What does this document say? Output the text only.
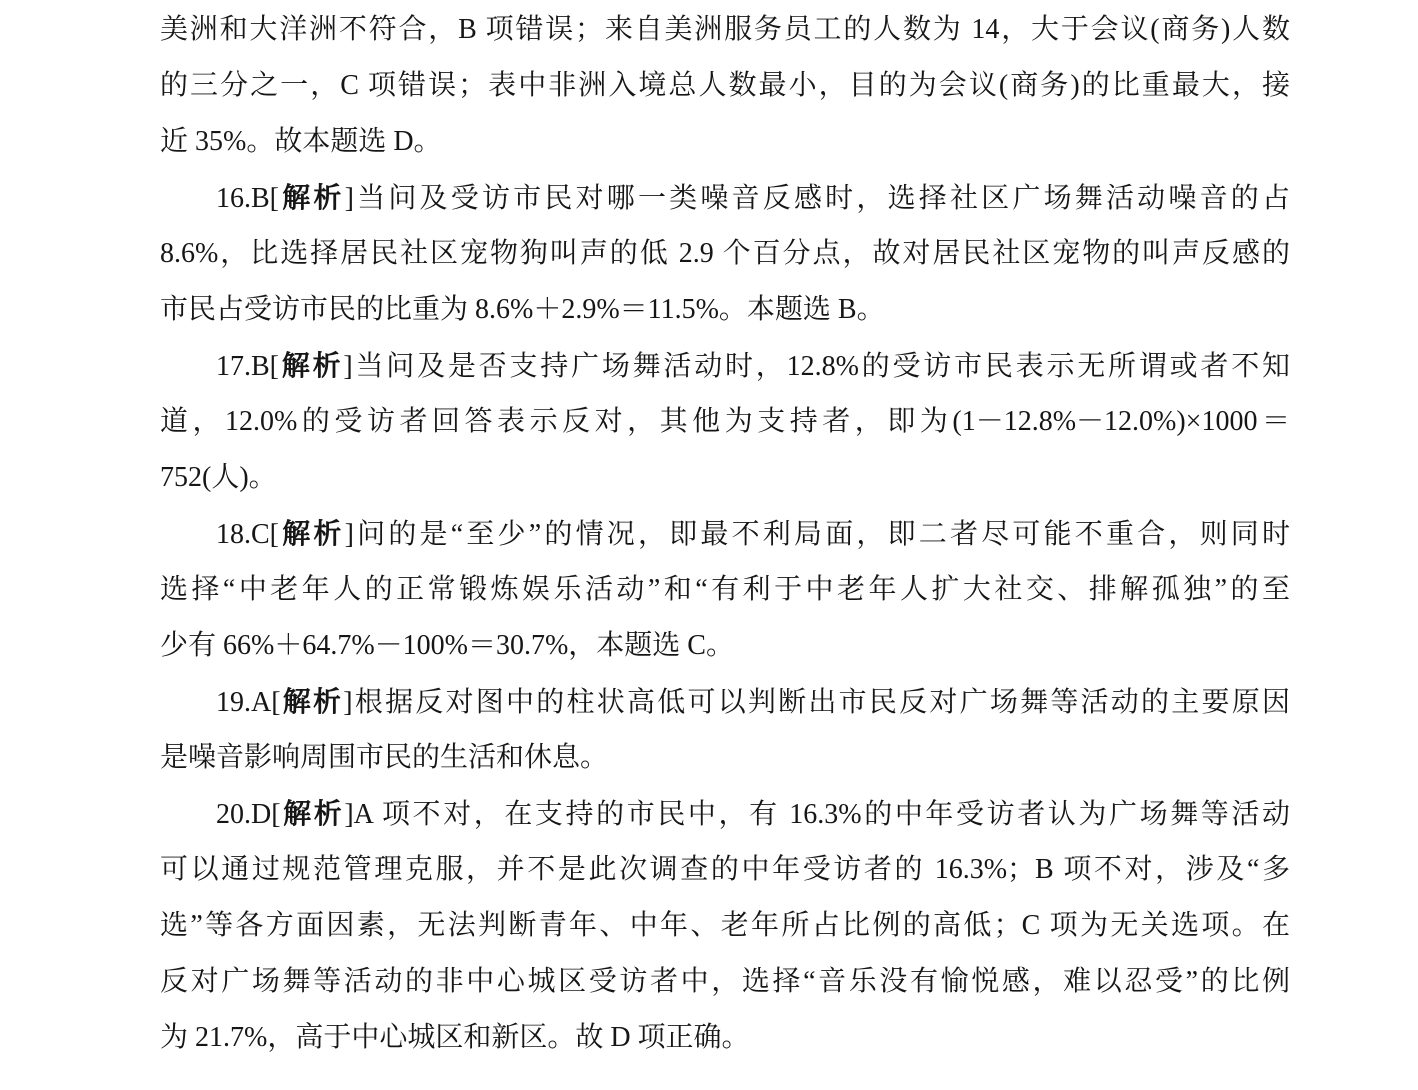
美洲和大洋洲不符合，B 项错误；来自美洲服务员工的人数为 14，大于会议(商务)人数
的三分之一，C 项错误；表中非洲入境总人数最小，目的为会议(商务)的比重最大，接
近 35%。故本题选 D。
16.B[解析]当问及受访市民对哪一类噪音反感时，选择社区广场舞活动噪音的占
8.6%，比选择居民社区宠物狗叫声的低 2.9 个百分点，故对居民社区宠物的叫声反感的
市民占受访市民的比重为 8.6%＋2.9%＝11.5%。本题选 B。
17.B[解析]当问及是否支持广场舞活动时，12.8%的受访市民表示无所谓或者不知
道，12.0%的受访者回答表示反对，其他为支持者，即为(1－12.8%－12.0%)×1000＝
752(人)。
18.C[解析]问的是“至少”的情况，即最不利局面，即二者尽可能不重合，则同时
选择“中老年人的正常锻炼娱乐活动”和“有利于中老年人扩大社交、排解孤独”的至
少有 66%＋64.7%－100%＝30.7%，本题选 C。
19.A[解析]根据反对图中的柱状高低可以判断出市民反对广场舞等活动的主要原因
是噪音影响周围市民的生活和休息。
20.D[解析]A 项不对，在支持的市民中，有 16.3%的中年受访者认为广场舞等活动
可以通过规范管理克服，并不是此次调查的中年受访者的 16.3%；B 项不对，涉及“多
选”等各方面因素，无法判断青年、中年、老年所占比例的高低；C 项为无关选项。在
反对广场舞等活动的非中心城区受访者中，选择“音乐没有愉悦感，难以忍受”的比例
为 21.7%，高于中心城区和新区。故 D 项正确。
